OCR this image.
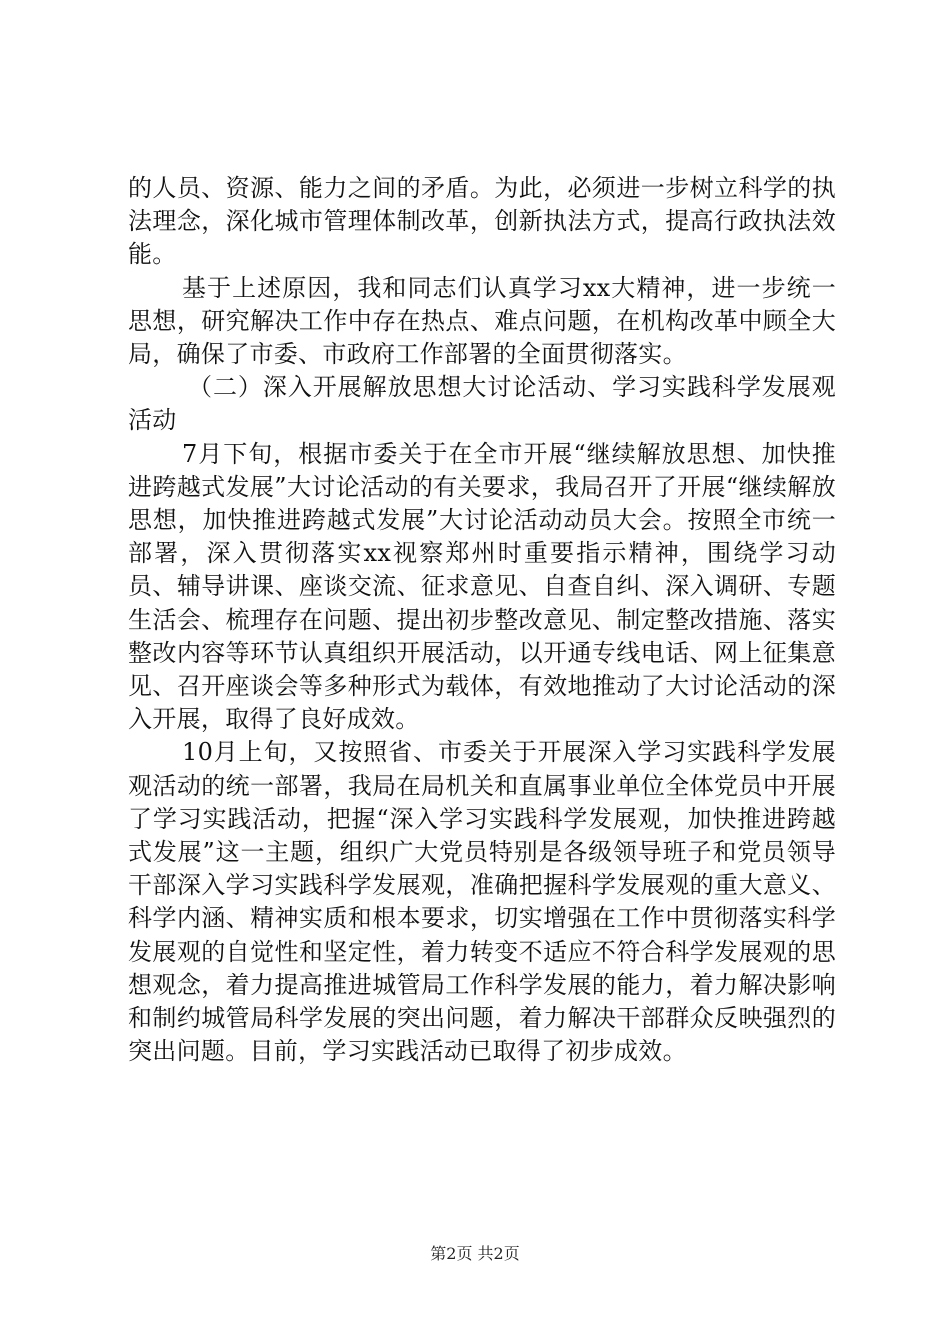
的人员、资源、能力之间的矛盾。为此，必须进一步树立科学的执法理念，深化城市管理体制改革，创新执法方式，提高行政执法效能。

基于上述原因，我和同志们认真学习xx大精神，进一步统一思想，研究解决工作中存在热点、难点问题，在机构改革中顾全大局，确保了市委、市政府工作部署的全面贯彻落实。

（二）深入开展解放思想大讨论活动、学习实践科学发展观活动

7月下旬，根据市委关于在全市开展“继续解放思想、加快推进跨越式发展”大讨论活动的有关要求，我局召开了开展“继续解放思想，加快推进跨越式发展”大讨论活动动员大会。按照全市统一部署，深入贯彻落实xx视察郑州时重要指示精神，围绕学习动员、辅导讲课、座谈交流、征求意见、自查自纠、深入调研、专题生活会、梳理存在问题、提出初步整改意见、制定整改措施、落实整改内容等环节认真组织开展活动，以开通专线电话、网上征集意见、召开座谈会等多种形式为载体，有效地推动了大讨论活动的深入开展，取得了良好成效。

10月上旬，又按照省、市委关于开展深入学习实践科学发展观活动的统一部署，我局在局机关和直属事业单位全体党员中开展了学习实践活动，把握“深入学习实践科学发展观，加快推进跨越式发展”这一主题，组织广大党员特别是各级领导班子和党员领导干部深入学习实践科学发展观，准确把握科学发展观的重大意义、科学内涵、精神实质和根本要求，切实增强在工作中贯彻落实科学发展观的自觉性和坚定性，着力转变不适应不符合科学发展观的思想观念，着力提高推进城管局工作科学发展的能力，着力解决影响和制约城管局科学发展的突出问题，着力解决干部群众反映强烈的突出问题。目前，学习实践活动已取得了初步成效。

第2页 共2页
